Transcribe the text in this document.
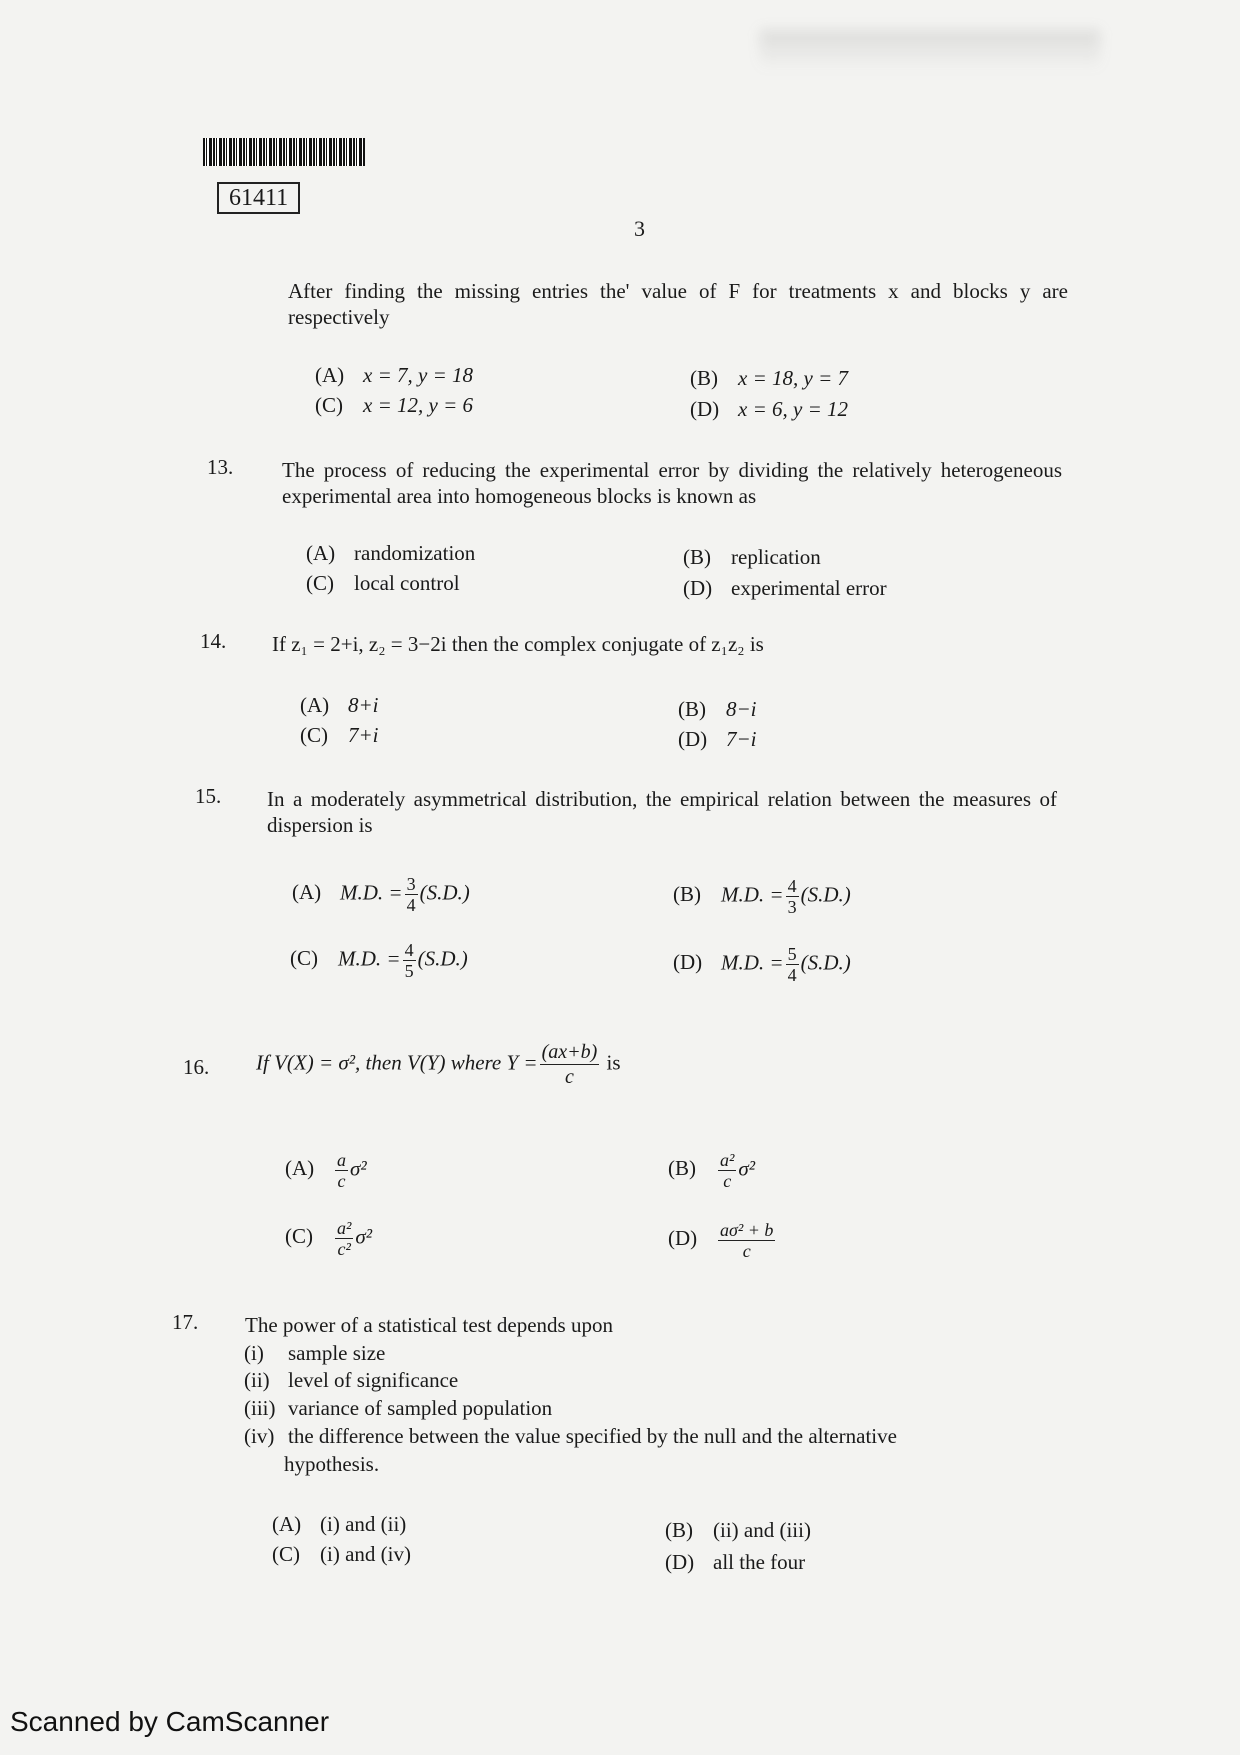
61411
3
After finding the missing entries the' value of F for treatments x and blocks y are respectively
(A) x = 7, y = 18	(B) x = 18, y = 7
(C) x = 12, y = 6	(D) x = 6, y = 12
13. The process of reducing the experimental error by dividing the relatively heterogeneous experimental area into homogeneous blocks is known as
(A) randomization	(B) replication
(C) local control	(D) experimental error
14. If z₁ = 2+i, z₂ = 3−2i then the complex conjugate of z₁z₂ is
(A) 8+i	(B) 8−i
(C) 7+i	(D) 7−i
15. In a moderately asymmetrical distribution, the empirical relation between the measures of dispersion is
(A) M.D. = $\frac{3}{4} (S.D.)$	(B) M.D. = $\frac{4}{3} (S.D.)$
(C) M.D. = $\frac{4}{5} (S.D.)$	(D) M.D. = $\frac{5}{4} (S.D.)$
16. If V(X) = σ², then V(Y) where $Y = \frac{(ax+b)}{c}$ is
$(A) \frac{a}{c} \sigma^2$	$(B) \frac{\text{a²}}{c} \sigma^2$
$(C) \frac{\text{a²}}{\text{c²}} \sigma^2$	$(D) \frac{\text{aσ² + b}}{c}$
17. The power of a statistical test depends upon
(i) sample size
(ii) level of significance
(iii) variance of sampled population
(iv) the difference between the value specified by the null and the alternative
hypothesis.
(A) (i) and (ii)	(B) (ii) and (iii)
(C) (i) and (iv)	(D) all the four
Scanned by CamScanner
